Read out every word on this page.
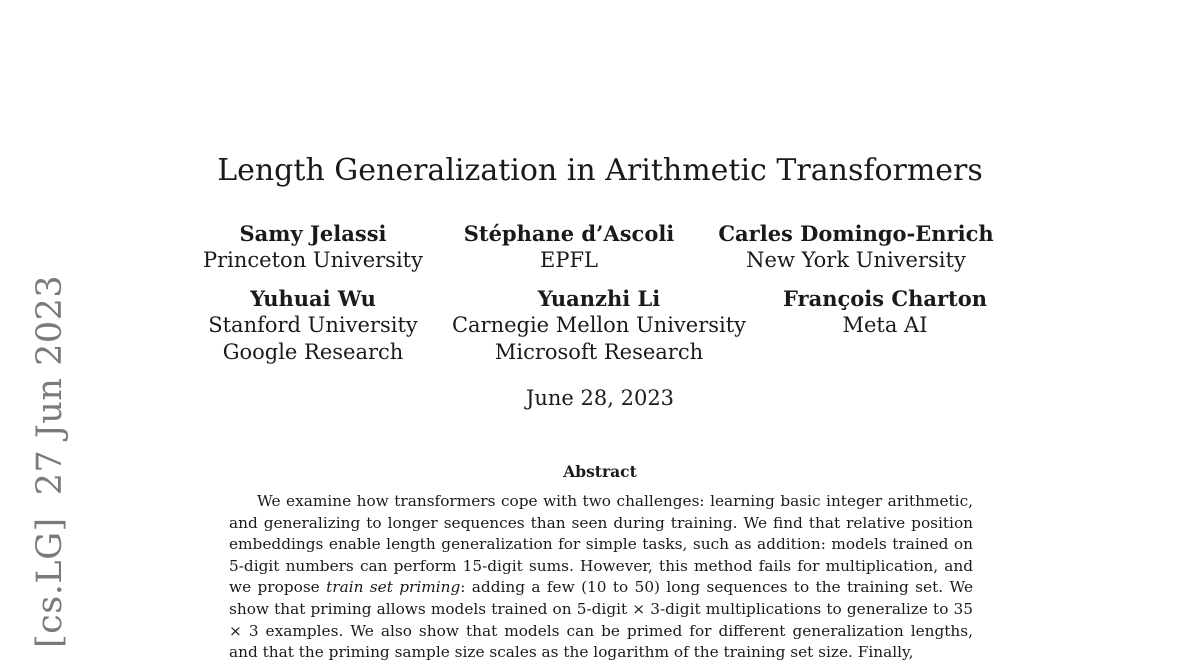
[cs.LG]27 Jun 2023
Length Generalization in Arithmetic Transformers
Samy Jelassi
Princeton University
Stéphane d’Ascoli
EPFL
Carles Domingo-Enrich
New York University
Yuhuai Wu
Stanford University
Google Research
Yuanzhi Li
Carnegie Mellon University
Microsoft Research
François Charton
Meta AI
June 28, 2023
Abstract

We examine how transformers cope with two challenges: learning basic integer arithmetic, and generalizing to longer sequences than seen during training. We find that relative position embeddings enable length generalization for simple tasks, such as addition: models trained on 5-digit numbers can perform 15-digit sums. However, this method fails for multiplication, and we propose train set priming: adding a few (10 to 50) long sequences to the training set. We show that priming allows models trained on 5-digit × 3-digit multiplications to generalize to 35 × 3 examples. We also show that models can be primed for different generalization lengths, and that the priming sample size scales as the logarithm of the training set size. Finally,
